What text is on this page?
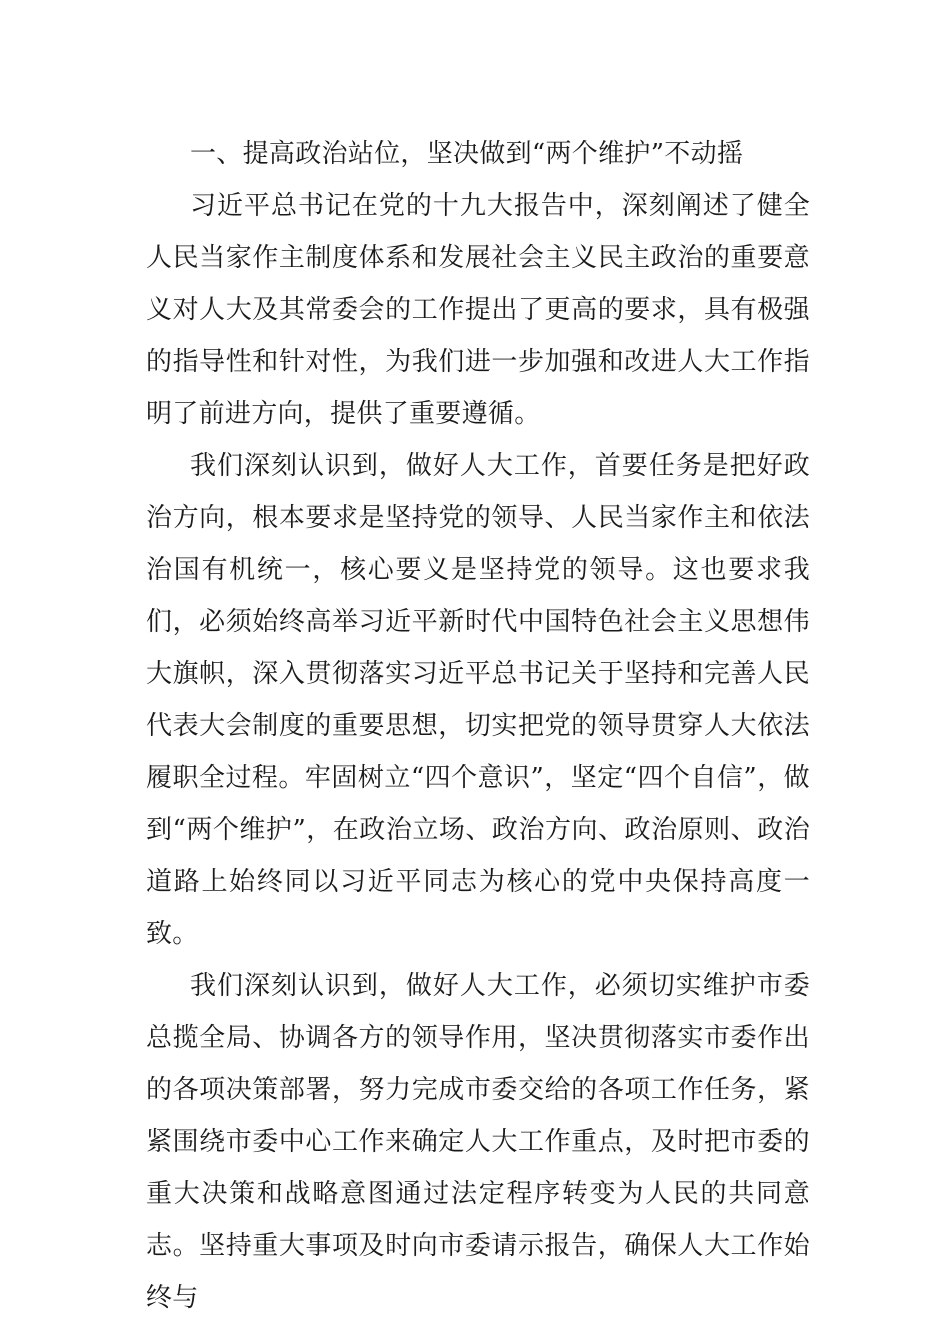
一、提高政治站位，坚决做到“两个维护”不动摇

习近平总书记在党的十九大报告中，深刻阐述了健全人民当家作主制度体系和发展社会主义民主政治的重要意义对人大及其常委会的工作提出了更高的要求，具有极强的指导性和针对性，为我们进一步加强和改进人大工作指明了前进方向，提供了重要遵循。

我们深刻认识到，做好人大工作，首要任务是把好政治方向，根本要求是坚持党的领导、人民当家作主和依法治国有机统一，核心要义是坚持党的领导。这也要求我们，必须始终高举习近平新时代中国特色社会主义思想伟大旗帜，深入贯彻落实习近平总书记关于坚持和完善人民代表大会制度的重要思想，切实把党的领导贯穿人大依法履职全过程。牢固树立“四个意识”，坚定“四个自信”，做到“两个维护”，在政治立场、政治方向、政治原则、政治道路上始终同以习近平同志为核心的党中央保持高度一致。

我们深刻认识到，做好人大工作，必须切实维护市委总揽全局、协调各方的领导作用，坚决贯彻落实市委作出的各项决策部署，努力完成市委交给的各项工作任务，紧紧围绕市委中心工作来确定人大工作重点，及时把市委的重大决策和战略意图通过法定程序转变为人民的共同意志。坚持重大事项及时向市委请示报告，确保人大工作始终与
